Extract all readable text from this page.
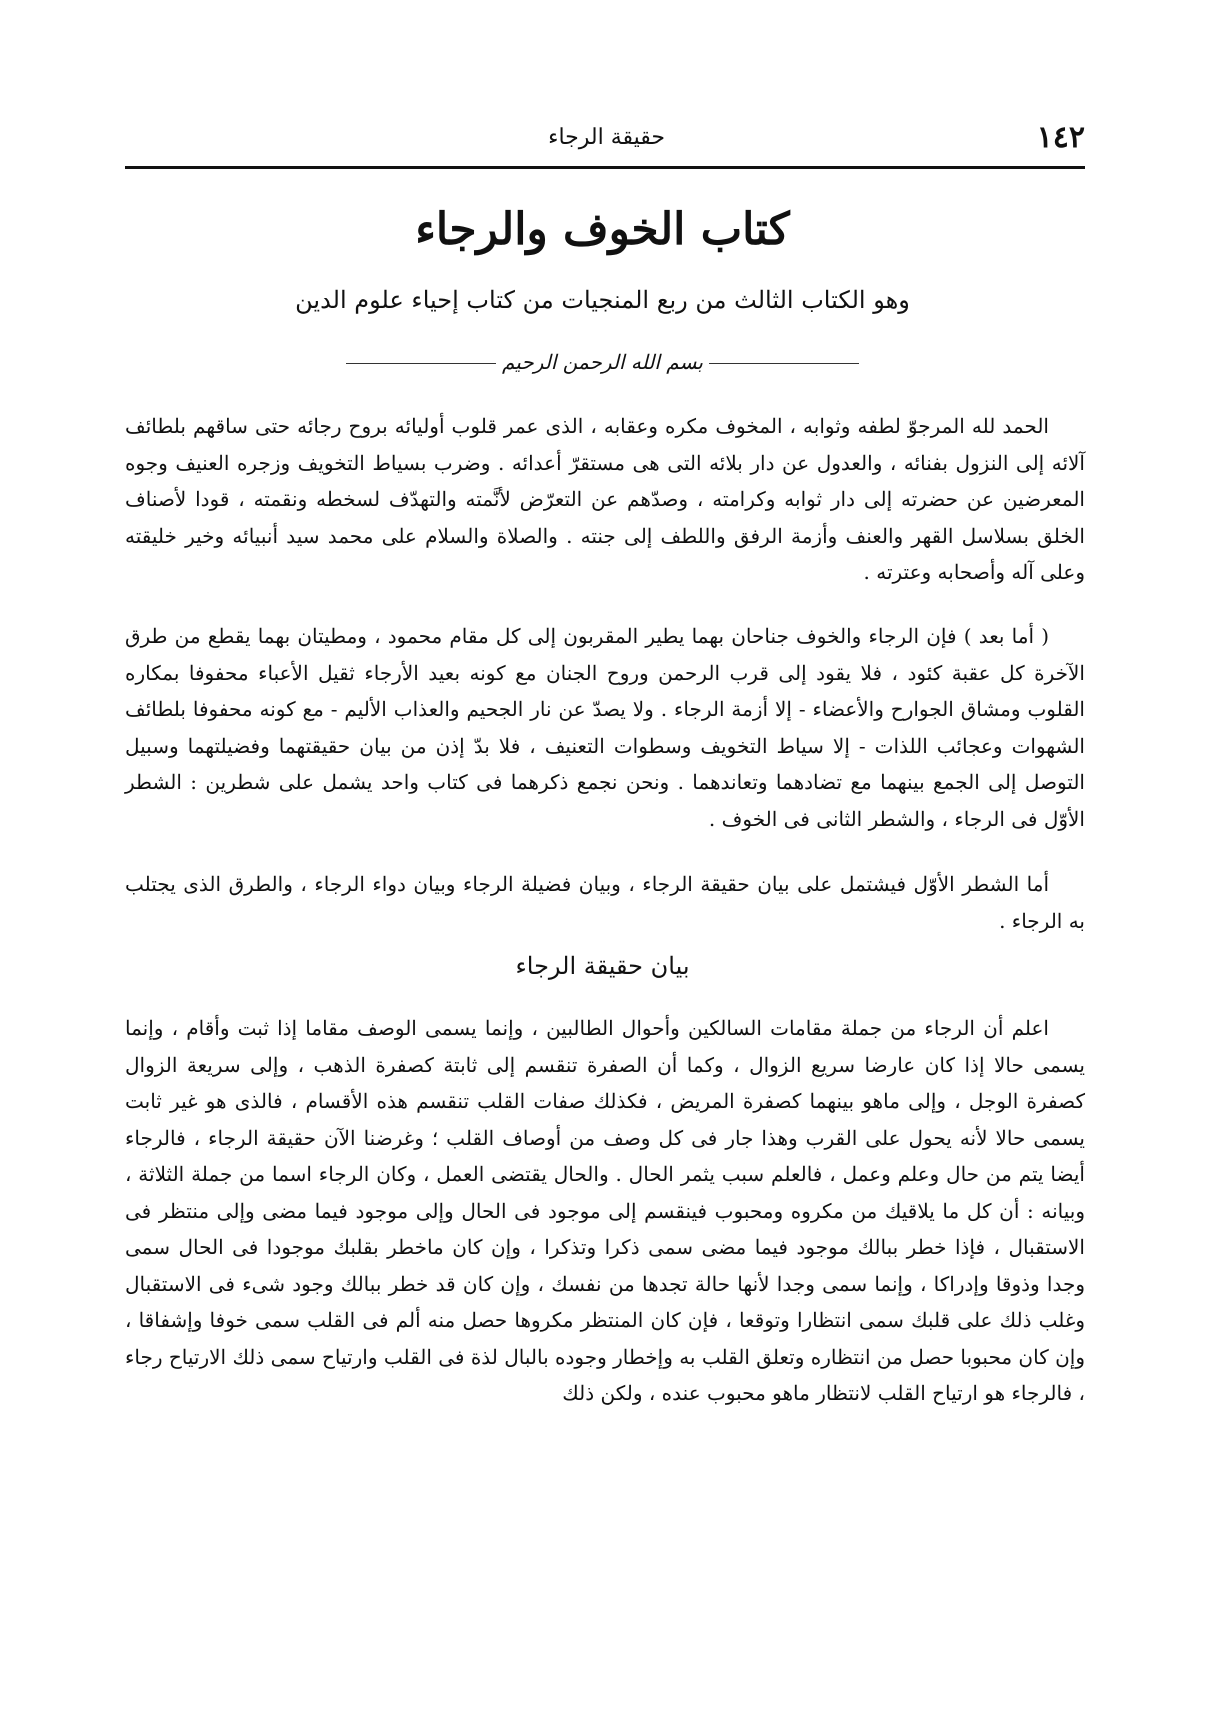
١٤٢
حقيقة الرجاء
كتاب الخوف والرجاء
وهو الكتاب الثالث من ربع المنجيات من كتاب إحياء علوم الدين
بسم الله الرحمن الرحيم

الحمد لله المرجوّ لطفه وثوابه ، المخوف مكره وعقابه ، الذى عمر قلوب أوليائه بروح رجائه حتى ساقهم بلطائف آلائه إلى النزول بفنائه ، والعدول عن دار بلائه التى هى مستقرّ أعدائه . وضرب بسياط التخويف وزجره العنيف وجوه المعرضين عن حضرته إلى دار ثوابه وكرامته ، وصدّهم عن التعرّض لأنَّمته والتهدّف لسخطه ونقمته ، قودا لأصناف الخلق بسلاسل القهر والعنف وأزمة الرفق واللطف إلى جنته . والصلاة والسلام على محمد سيد أنبيائه وخير خليقته وعلى آله وأصحابه وعترته .

( أما بعد ) فإن الرجاء والخوف جناحان بهما يطير المقربون إلى كل مقام محمود ، ومطيتان بهما يقطع من طرق الآخرة كل عقبة كئود ، فلا يقود إلى قرب الرحمن وروح الجنان مع كونه بعيد الأرجاء ثقيل الأعباء محفوفا بمكاره القلوب ومشاق الجوارح والأعضاء - إلا أزمة الرجاء . ولا يصدّ عن نار الجحيم والعذاب الأليم - مع كونه محفوفا بلطائف الشهوات وعجائب اللذات - إلا سياط التخويف وسطوات التعنيف ، فلا بدّ إذن من بيان حقيقتهما وفضيلتهما وسبيل التوصل إلى الجمع بينهما مع تضادهما وتعاندهما . ونحن نجمع ذكرهما فى كتاب واحد يشمل على شطرين : الشطر الأوّل فى الرجاء ، والشطر الثانى فى الخوف .

أما الشطر الأوّل فيشتمل على بيان حقيقة الرجاء ، وبيان فضيلة الرجاء وبيان دواء الرجاء ، والطرق الذى يجتلب به الرجاء .

بيان حقيقة الرجاء

اعلم أن الرجاء من جملة مقامات السالكين وأحوال الطالبين ، وإنما يسمى الوصف مقاما إذا ثبت وأقام ، وإنما يسمى حالا إذا كان عارضا سريع الزوال ، وكما أن الصفرة تنقسم إلى ثابتة كصفرة الذهب ، وإلى سريعة الزوال كصفرة الوجل ، وإلى ماهو بينهما كصفرة المريض ، فكذلك صفات القلب تنقسم هذه الأقسام ، فالذى هو غير ثابت يسمى حالا لأنه يحول على القرب وهذا جار فى كل وصف من أوصاف القلب ؛ وغرضنا الآن حقيقة الرجاء ، فالرجاء أيضا يتم من حال وعلم وعمل ، فالعلم سبب يثمر الحال . والحال يقتضى العمل ، وكان الرجاء اسما من جملة الثلاثة ، وبيانه : أن كل ما يلاقيك من مكروه ومحبوب فينقسم إلى موجود فى الحال وإلى موجود فيما مضى وإلى منتظر فى الاستقبال ، فإذا خطر ببالك موجود فيما مضى سمى ذكرا وتذكرا ، وإن كان ماخطر بقلبك موجودا فى الحال سمى وجدا وذوقا وإدراكا ، وإنما سمى وجدا لأنها حالة تجدها من نفسك ، وإن كان قد خطر ببالك وجود شىء فى الاستقبال وغلب ذلك على قلبك سمى انتظارا وتوقعا ، فإن كان المنتظر مكروها حصل منه ألم فى القلب سمى خوفا وإشفاقا ، وإن كان محبوبا حصل من انتظاره وتعلق القلب به وإخطار وجوده بالبال لذة فى القلب وارتياح سمى ذلك الارتياح رجاء ، فالرجاء هو ارتياح القلب لانتظار ماهو محبوب عنده ، ولكن ذلك
